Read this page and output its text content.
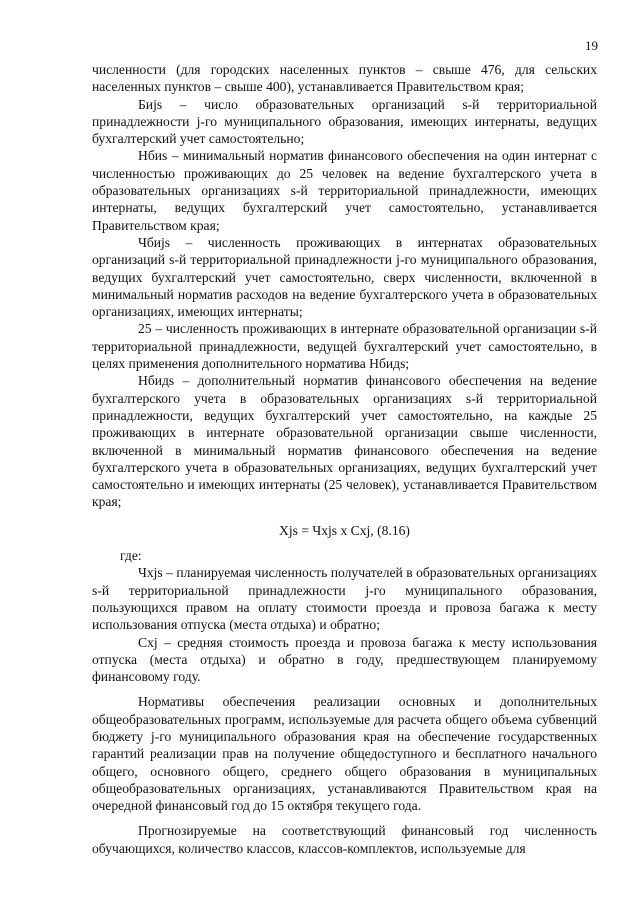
19

численности (для городских населенных пунктов – свыше 476, для сельских населенных пунктов – свыше 400), устанавливается Правительством края;

Биjs – число образовательных организаций s-й территориальной принадлежности j-го муниципального образования, имеющих интернаты, ведущих бухгалтерский учет самостоятельно;

Нбиs – минимальный норматив финансового обеспечения на один интернат с численностью проживающих до 25 человек на ведение бухгалтерского учета в образовательных организациях s-й территориальной принадлежности, имеющих интернаты, ведущих бухгалтерский учет самостоятельно, устанавливается Правительством края;

Чбиjs – численность проживающих в интернатах образовательных организаций s-й территориальной принадлежности j-го муниципального образования, ведущих бухгалтерский учет самостоятельно, сверх численности, включенной в минимальный норматив расходов на ведение бухгалтерского учета в образовательных организациях, имеющих интернаты;

25 – численность проживающих в интернате образовательной организации s-й территориальной принадлежности, ведущей бухгалтерский учет самостоятельно, в целях применения дополнительного норматива Нбидs;

Нбидs – дополнительный норматив финансового обеспечения на ведение бухгалтерского учета в образовательных организациях s-й территориальной принадлежности, ведущих бухгалтерский учет самостоятельно, на каждые 25 проживающих в интернате образовательной организации свыше численности, включенной в минимальный норматив финансового обеспечения на ведение бухгалтерского учета в образовательных организациях, ведущих бухгалтерский учет самостоятельно и имеющих интернаты (25 человек), устанавливается Правительством края;

Xjs = Чxjs x Cxj, (8.16)

где:

Чxjs – планируемая численность получателей в образовательных организациях s-й территориальной принадлежности j-го муниципального образования, пользующихся правом на оплату стоимости проезда и провоза багажа к месту использования отпуска (места отдыха) и обратно;

Cxj – средняя стоимость проезда и провоза багажа к месту использования отпуска (места отдыха) и обратно в году, предшествующем планируемому финансовому году.

Нормативы обеспечения реализации основных и дополнительных общеобразовательных программ, используемые для расчета общего объема субвенций бюджету j-го муниципального образования края на обеспечение государственных гарантий реализации прав на получение общедоступного и бесплатного начального общего, основного общего, среднего общего образования в муниципальных общеобразовательных организациях, устанавливаются Правительством края на очередной финансовый год до 15 октября текущего года.

Прогнозируемые на соответствующий финансовый год численность обучающихся, количество классов, классов-комплектов, используемые для
